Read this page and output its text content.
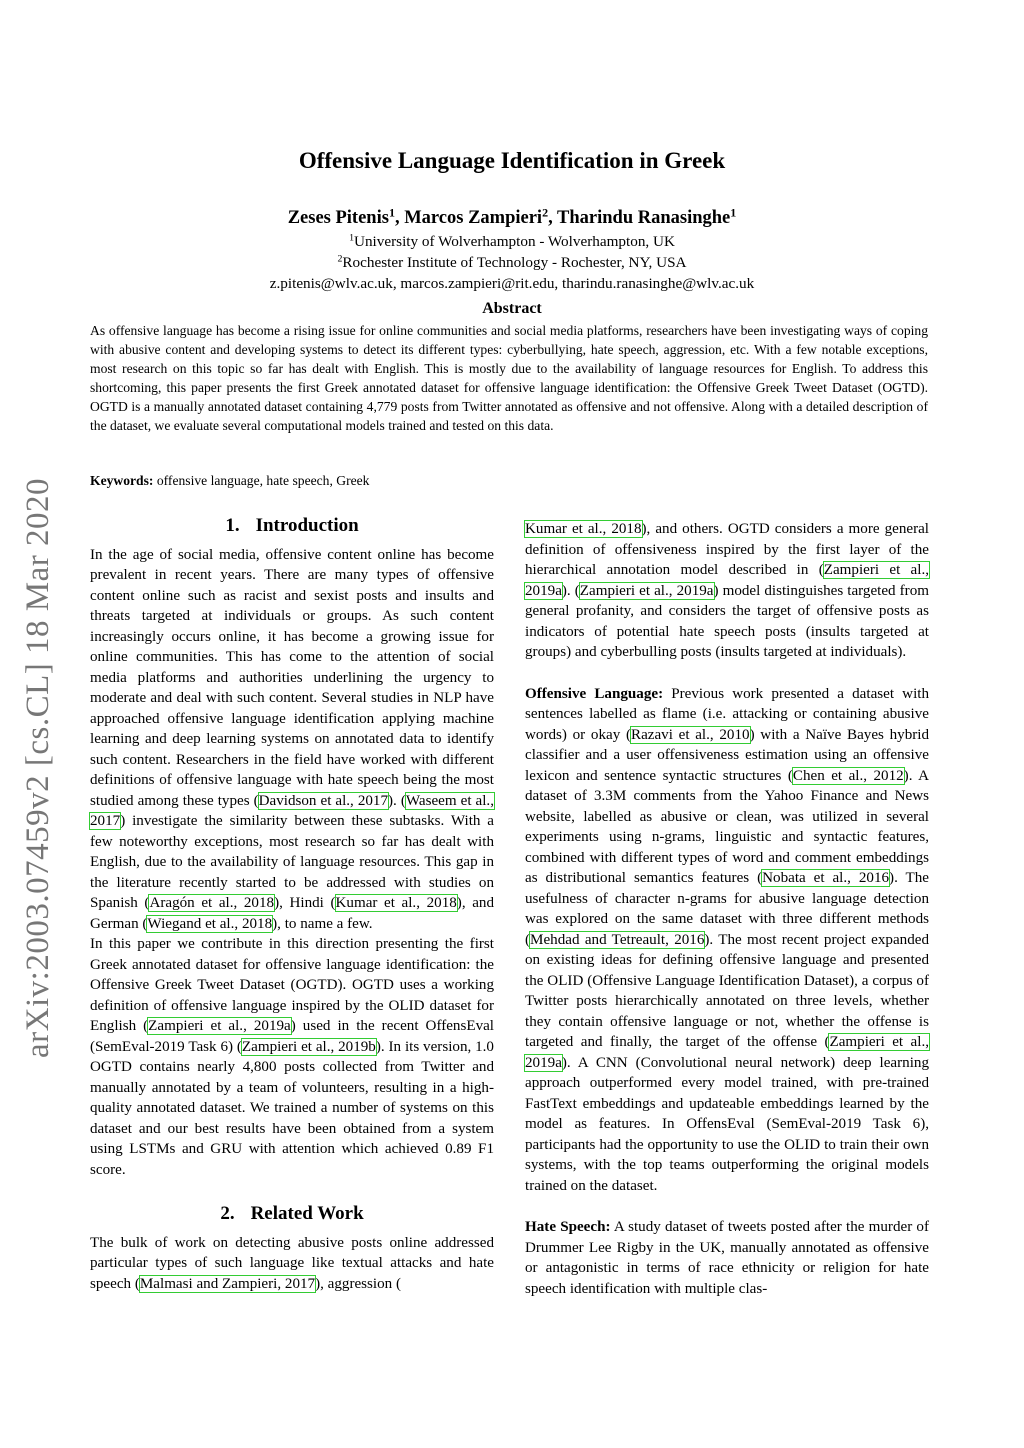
arXiv:2003.07459v2 [cs.CL] 18 Mar 2020
Offensive Language Identification in Greek
Zeses Pitenis$^1$, Marcos Zampieri$^2$, Tharindu Ranasinghe$^1$
$^1$University of Wolverhampton - Wolverhampton, UK
$^2$Rochester Institute of Technology - Rochester, NY, USA
z.pitenis@wlv.ac.uk, marcos.zampieri@rit.edu, tharindu.ranasinghe@wlv.ac.uk
Abstract
As offensive language has become a rising issue for online communities and social media platforms, researchers have been investigating ways of coping with abusive content and developing systems to detect its different types: cyberbullying, hate speech, aggression, etc. With a few notable exceptions, most research on this topic so far has dealt with English. This is mostly due to the availability of language resources for English. To address this shortcoming, this paper presents the first Greek annotated dataset for offensive language identification: the Offensive Greek Tweet Dataset (OGTD). OGTD is a manually annotated dataset containing 4,779 posts from Twitter annotated as offensive and not offensive. Along with a detailed description of the dataset, we evaluate several computational models trained and tested on this data.
Keywords: offensive language, hate speech, Greek
1. Introduction

In the age of social media, offensive content online has become prevalent in recent years. There are many types of offensive content online such as racist and sexist posts and insults and threats targeted at individuals or groups. As such content increasingly occurs online, it has become a growing issue for online communities. This has come to the attention of social media platforms and authorities underlining the urgency to moderate and deal with such content. Several studies in NLP have approached offensive language identification applying machine learning and deep learning systems on annotated data to identify such content. Researchers in the field have worked with different definitions of offensive language with hate speech being the most studied among these types (Davidson et al., 2017). (Waseem et al., 2017) investigate the similarity between these subtasks. With a few noteworthy exceptions, most research so far has dealt with English, due to the availability of language resources. This gap in the literature recently started to be addressed with studies on Spanish (Aragón et al., 2018), Hindi (Kumar et al., 2018), and German (Wiegand et al., 2018), to name a few.

In this paper we contribute in this direction presenting the first Greek annotated dataset for offensive language identification: the Offensive Greek Tweet Dataset (OGTD). OGTD uses a working definition of offensive language inspired by the OLID dataset for English (Zampieri et al., 2019a) used in the recent OffensEval (SemEval-2019 Task 6) (Zampieri et al., 2019b). In its version, 1.0 OGTD contains nearly 4,800 posts collected from Twitter and manually annotated by a team of volunteers, resulting in a high-quality annotated dataset. We trained a number of systems on this dataset and our best results have been obtained from a system using LSTMs and GRU with attention which achieved 0.89 F1 score.

2. Related Work

The bulk of work on detecting abusive posts online addressed particular types of such language like textual attacks and hate speech (Malmasi and Zampieri, 2017), aggression (

Kumar et al., 2018), and others. OGTD considers a more general definition of offensiveness inspired by the first layer of the hierarchical annotation model described in (Zampieri et al., 2019a). (Zampieri et al., 2019a) model distinguishes targeted from general profanity, and considers the target of offensive posts as indicators of potential hate speech posts (insults targeted at groups) and cyberbulling posts (insults targeted at individuals).

Offensive Language: Previous work presented a dataset with sentences labelled as flame (i.e. attacking or containing abusive words) or okay (Razavi et al., 2010) with a Naïve Bayes hybrid classifier and a user offensiveness estimation using an offensive lexicon and sentence syntactic structures (Chen et al., 2012). A dataset of 3.3M comments from the Yahoo Finance and News website, labelled as abusive or clean, was utilized in several experiments using n-grams, linguistic and syntactic features, combined with different types of word and comment embeddings as distributional semantics features (Nobata et al., 2016). The usefulness of character n-grams for abusive language detection was explored on the same dataset with three different methods (Mehdad and Tetreault, 2016). The most recent project expanded on existing ideas for defining offensive language and presented the OLID (Offensive Language Identification Dataset), a corpus of Twitter posts hierarchically annotated on three levels, whether they contain offensive language or not, whether the offense is targeted and finally, the target of the offense (Zampieri et al., 2019a). A CNN (Convolutional neural network) deep learning approach outperformed every model trained, with pre-trained FastText embeddings and updateable embeddings learned by the model as features. In OffensEval (SemEval-2019 Task 6), participants had the opportunity to use the OLID to train their own systems, with the top teams outperforming the original models trained on the dataset.

Hate Speech: A study dataset of tweets posted after the murder of Drummer Lee Rigby in the UK, manually annotated as offensive or antagonistic in terms of race ethnicity or religion for hate speech identification with multiple clas-
